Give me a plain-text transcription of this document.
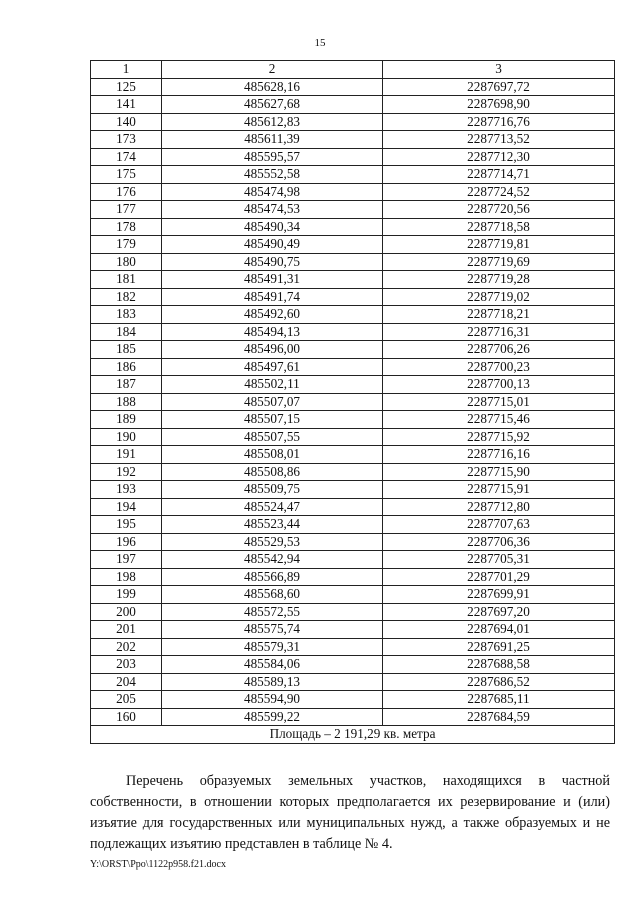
15
1	2	3
125	485628,16	2287697,72
141	485627,68	2287698,90
140	485612,83	2287716,76
173	485611,39	2287713,52
174	485595,57	2287712,30
175	485552,58	2287714,71
176	485474,98	2287724,52
177	485474,53	2287720,56
178	485490,34	2287718,58
179	485490,49	2287719,81
180	485490,75	2287719,69
181	485491,31	2287719,28
182	485491,74	2287719,02
183	485492,60	2287718,21
184	485494,13	2287716,31
185	485496,00	2287706,26
186	485497,61	2287700,23
187	485502,11	2287700,13
188	485507,07	2287715,01
189	485507,15	2287715,46
190	485507,55	2287715,92
191	485508,01	2287716,16
192	485508,86	2287715,90
193	485509,75	2287715,91
194	485524,47	2287712,80
195	485523,44	2287707,63
196	485529,53	2287706,36
197	485542,94	2287705,31
198	485566,89	2287701,29
199	485568,60	2287699,91
200	485572,55	2287697,20
201	485575,74	2287694,01
202	485579,31	2287691,25
203	485584,06	2287688,58
204	485589,13	2287686,52
205	485594,90	2287685,11
160	485599,22	2287684,59
Площадь – 2 191,29 кв. метра		
Перечень образуемых земельных участков, находящихся в частной собственности, в отношении которых предполагается их резервирование и (или) изъятие для государственных или муниципальных нужд, а также образуемых и не подлежащих изъятию представлен в таблице № 4.
Y:\ORST\Ppo\1122p958.f21.docx
